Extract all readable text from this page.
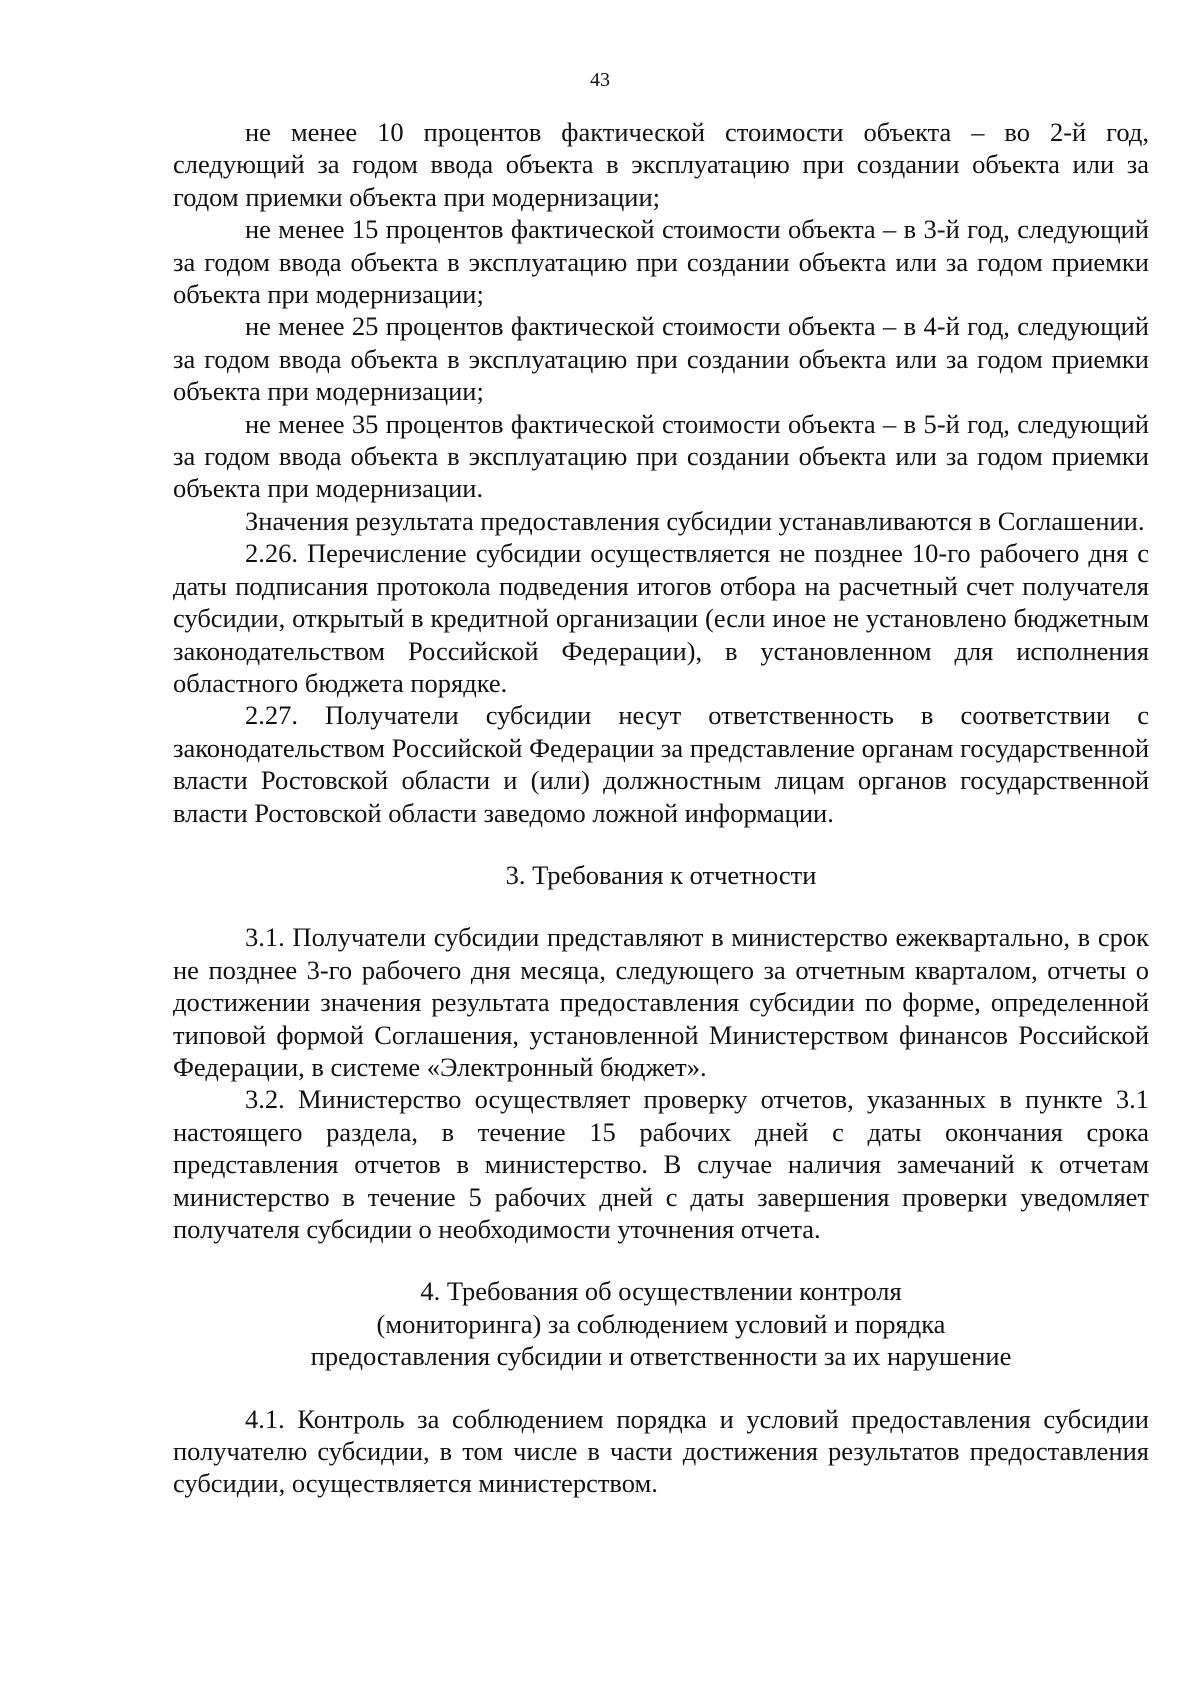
43

не менее 10 процентов фактической стоимости объекта – во 2-й год, следующий за годом ввода объекта в эксплуатацию при создании объекта или за годом приемки объекта при модернизации;

не менее 15 процентов фактической стоимости объекта – в 3-й год, следующий за годом ввода объекта в эксплуатацию при создании объекта или за годом приемки объекта при модернизации;

не менее 25 процентов фактической стоимости объекта – в 4-й год, следующий за годом ввода объекта в эксплуатацию при создании объекта или за годом приемки объекта при модернизации;

не менее 35 процентов фактической стоимости объекта – в 5-й год, следующий за годом ввода объекта в эксплуатацию при создании объекта или за годом приемки объекта при модернизации.

Значения результата предоставления субсидии устанавливаются в Соглашении.

2.26. Перечисление субсидии осуществляется не позднее 10-го рабочего дня с даты подписания протокола подведения итогов отбора на расчетный счет получателя субсидии, открытый в кредитной организации (если иное не установлено бюджетным законодательством Российской Федерации), в установленном для исполнения областного бюджета порядке.

2.27. Получатели субсидии несут ответственность в соответствии с законодательством Российской Федерации за представление органам государственной власти Ростовской области и (или) должностным лицам органов государственной власти Ростовской области заведомо ложной информации.

3. Требования к отчетности

3.1. Получатели субсидии представляют в министерство ежеквартально, в срок не позднее 3-го рабочего дня месяца, следующего за отчетным кварталом, отчеты о достижении значения результата предоставления субсидии по форме, определенной типовой формой Соглашения, установленной Министерством финансов Российской Федерации, в системе «Электронный бюджет».

3.2. Министерство осуществляет проверку отчетов, указанных в пункте 3.1 настоящего раздела, в течение 15 рабочих дней с даты окончания срока представления отчетов в министерство. В случае наличия замечаний к отчетам министерство в течение 5 рабочих дней с даты завершения проверки уведомляет получателя субсидии о необходимости уточнения отчета.

4. Требования об осуществлении контроля

(мониторинга) за соблюдением условий и порядка

предоставления субсидии и ответственности за их нарушение

4.1. Контроль за соблюдением порядка и условий предоставления субсидии получателю субсидии, в том числе в части достижения результатов предоставления субсидии, осуществляется министерством.
